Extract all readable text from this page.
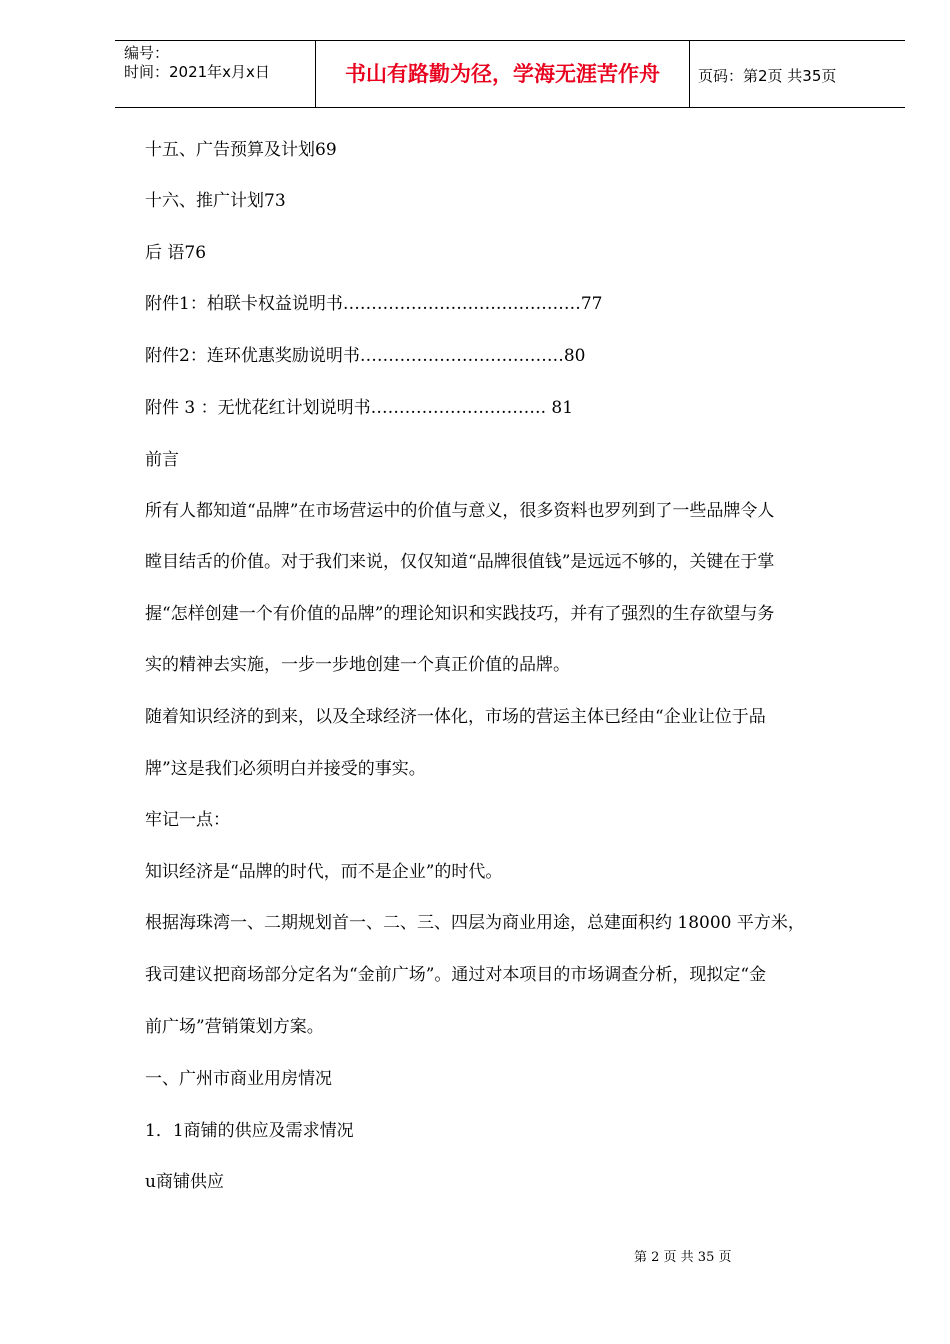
编号：
时间：2021年x月x日	书山有路勤为径，学海无涯苦作舟	页码：第2页 共35页
十五、广告预算及计划69
十六、推广计划73
后 语76
附件1：柏联卡权益说明书……………………………………77
附件2：连环优惠奖励说明书………………………………80
附件 3 ：无忧花红计划说明书…………………………. 81
前言
所有人都知道“品牌”在市场营运中的价值与意义，很多资料也罗列到了一些品牌令人
瞠目结舌的价值。对于我们来说，仅仅知道“品牌很值钱”是远远不够的，关键在于掌
握“怎样创建一个有价值的品牌”的理论知识和实践技巧，并有了强烈的生存欲望与务
实的精神去实施，一步一步地创建一个真正价值的品牌。
随着知识经济的到来，以及全球经济一体化，市场的营运主体已经由“企业让位于品
牌”这是我们必须明白并接受的事实。
牢记一点：
知识经济是“品牌的时代，而不是企业”的时代。
根据海珠湾一、二期规划首一、二、三、四层为商业用途，总建面积约 18000 平方米，
我司建议把商场部分定名为“金前广场”。通过对本项目的市场调查分析，现拟定“金
前广场”营销策划方案。
一、广州市商业用房情况
1．1商铺的供应及需求情况
u商铺供应
第 2 页 共 35 页
